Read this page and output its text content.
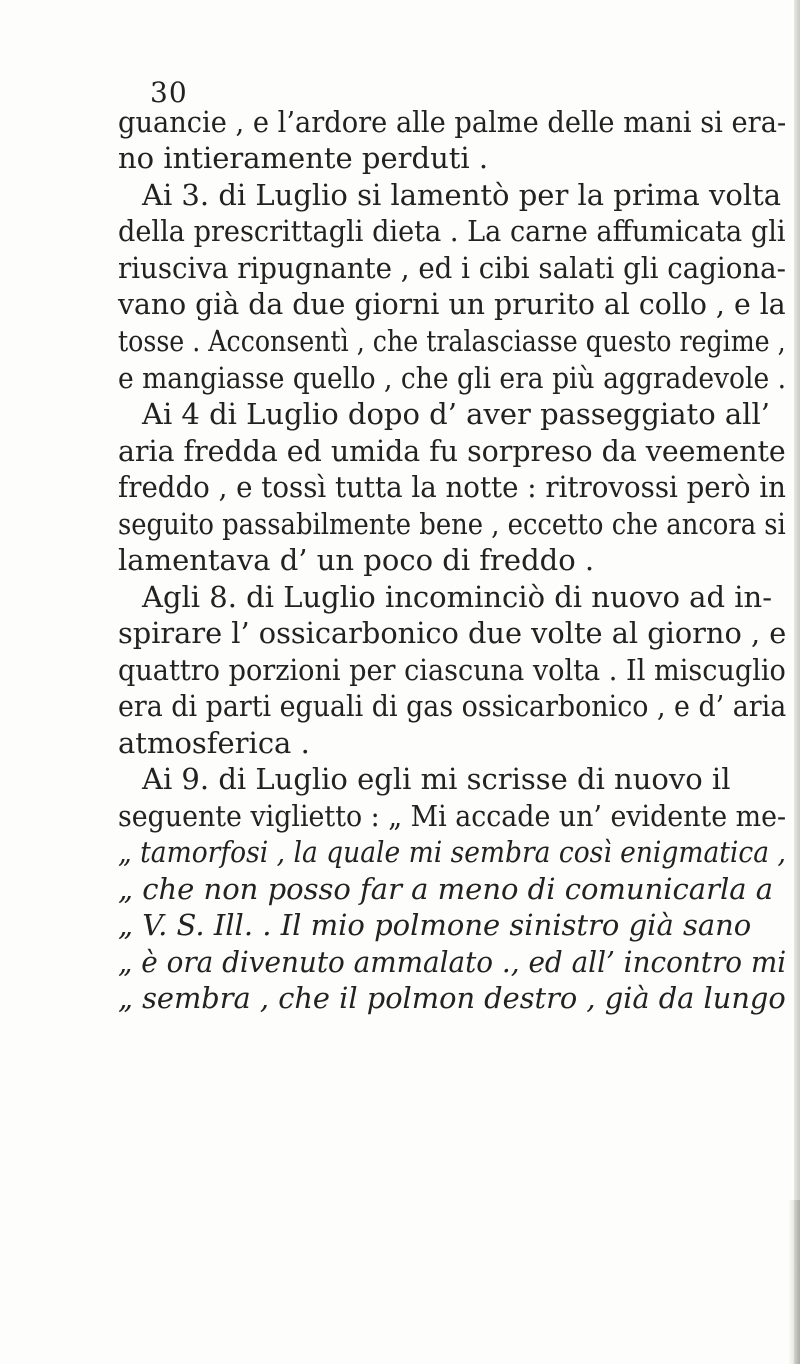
30
guancie , e l’ardore alle palme delle mani si era-
no intieramente perduti .
Ai 3. di Luglio si lamentò per la prima volta
della prescrittagli dieta . La carne affumicata gli
riusciva ripugnante , ed i cibi salati gli cagiona-
vano già da due giorni un prurito al collo , e la
tosse . Acconsentì , che tralasciasse questo regime ,
e mangiasse quello , che gli era più aggradevole .
Ai 4 di Luglio dopo d’ aver passeggiato all’
aria fredda ed umida fu sorpreso da veemente
freddo , e tossì tutta la notte : ritrovossi però in
seguito passabilmente bene , eccetto che ancora si
lamentava d’ un poco di freddo .
Agli 8. di Luglio incominciò di nuovo ad in-
spirare l’ ossicarbonico due volte al giorno , e
quattro porzioni per ciascuna volta . Il miscuglio
era di parti eguali di gas ossicarbonico , e d’ aria
atmosferica .
Ai 9. di Luglio egli mi scrisse di nuovo il
seguente viglietto : „ Mi accade un’ evidente me-
„ tamorfosi , la quale mi sembra così enigmatica ,
„ che non posso far a meno di comunicarla a
„ V. S. Ill. . Il mio polmone sinistro già sano
„ è ora divenuto ammalato ., ed all’ incontro mi
„ sembra , che il polmon destro , già da lungo
